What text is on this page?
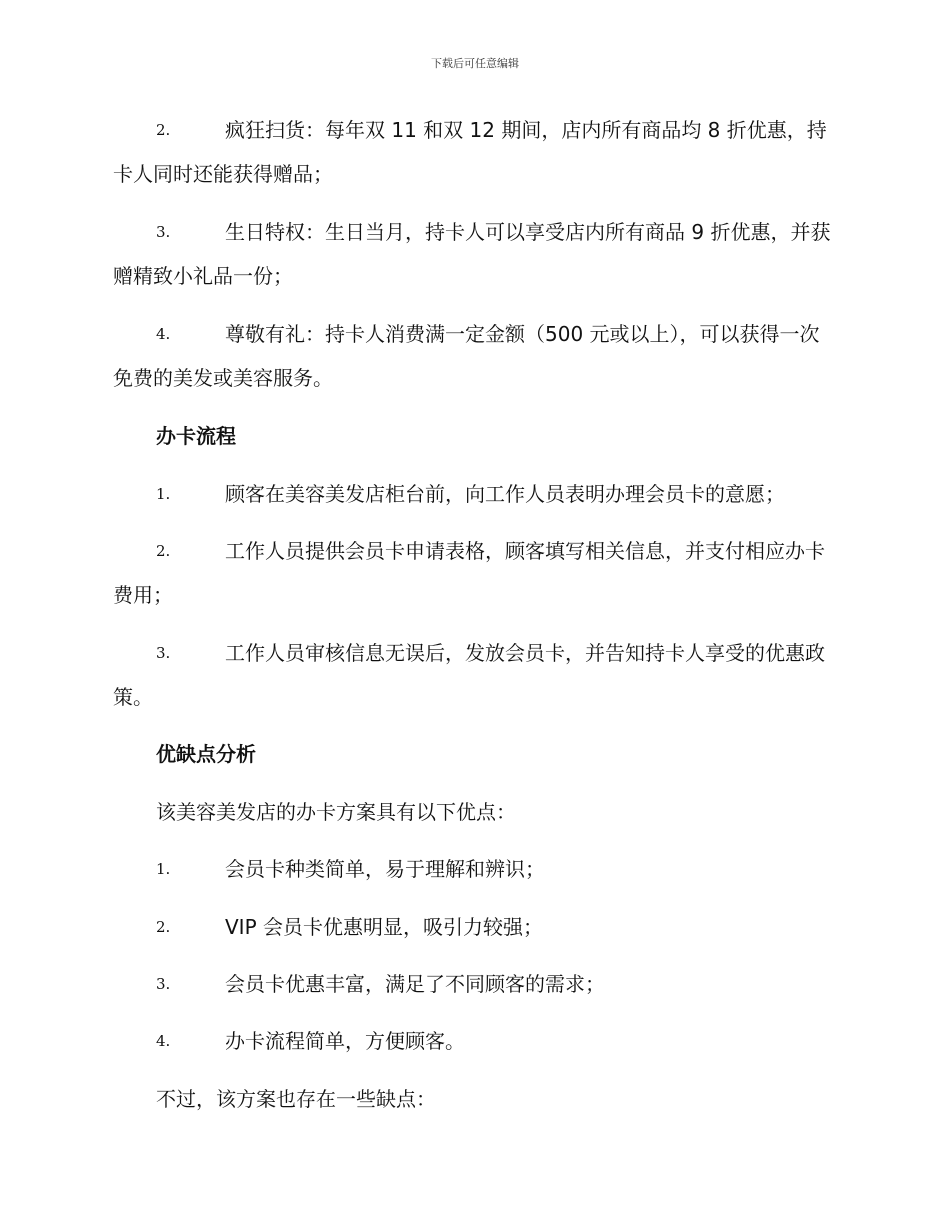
下载后可任意编辑
2.	疯狂扫货：每年双 11 和双 12 期间，店内所有商品均 8 折优惠，持卡人同时还能获得赠品；
3.	生日特权：生日当月，持卡人可以享受店内所有商品 9 折优惠，并获赠精致小礼品一份；
4.	尊敬有礼：持卡人消费满一定金额（500 元或以上），可以获得一次免费的美发或美容服务。
办卡流程
1.	顾客在美容美发店柜台前，向工作人员表明办理会员卡的意愿；
2.	工作人员提供会员卡申请表格，顾客填写相关信息，并支付相应办卡费用；
3.	工作人员审核信息无误后，发放会员卡，并告知持卡人享受的优惠政策。
优缺点分析
该美容美发店的办卡方案具有以下优点：
1.	会员卡种类简单，易于理解和辨识；
2.	VIP 会员卡优惠明显，吸引力较强；
3.	会员卡优惠丰富，满足了不同顾客的需求；
4.	办卡流程简单，方便顾客。
不过，该方案也存在一些缺点：
